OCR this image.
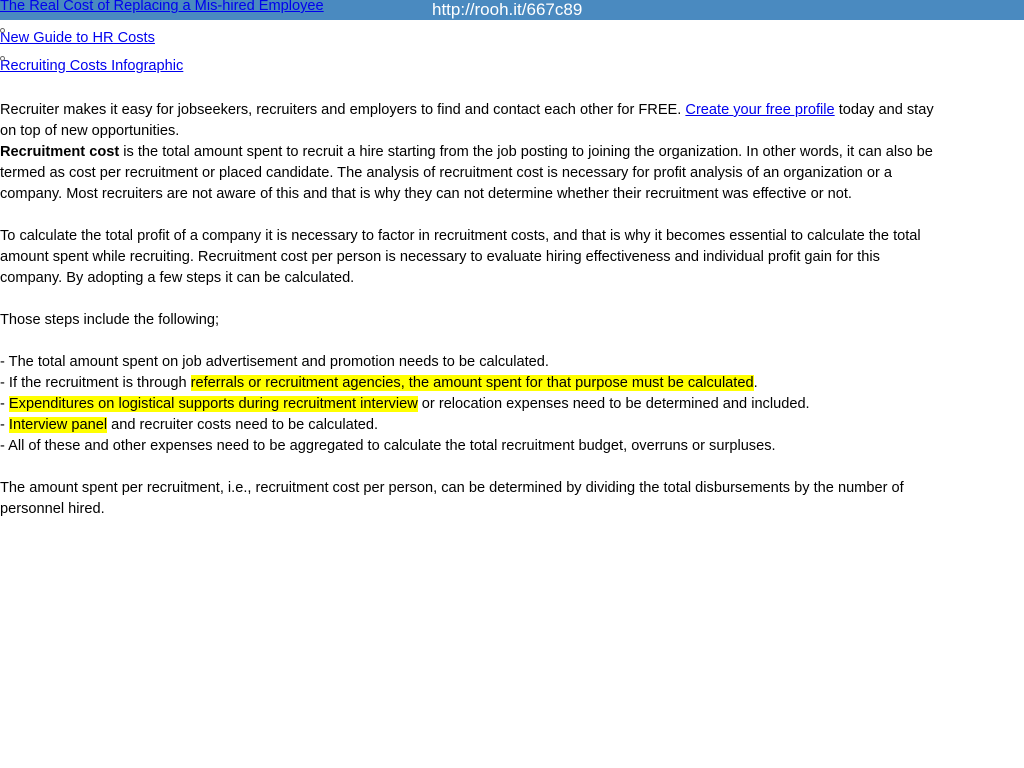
http://rooh.it/667c89
The Real Cost of Replacing a Mis-hired Employee
New Guide to HR Costs
Recruiting Costs Infographic

Recruiter makes it easy for jobseekers, recruiters and employers to find and contact each other for FREE. Create your free profile today and stay
on top of new opportunities.

Recruitment cost is the total amount spent to recruit a hire starting from the job posting to joining the organization. In other words, it can also be
termed as cost per recruitment or placed candidate. The analysis of recruitment cost is necessary for profit analysis of an organization or a
company. Most recruiters are not aware of this and that is why they can not determine whether their recruitment was effective or not.

To calculate the total profit of a company it is necessary to factor in recruitment costs, and that is why it becomes essential to calculate the total
amount spent while recruiting. Recruitment cost per person is necessary to evaluate hiring effectiveness and individual profit gain for this
company. By adopting a few steps it can be calculated.

Those steps include the following;

- The total amount spent on job advertisement and promotion needs to be calculated.
- If the recruitment is through referrals or recruitment agencies, the amount spent for that purpose must be calculated.
- Expenditures on logistical supports during recruitment interview or relocation expenses need to be determined and included.
- Interview panel and recruiter costs need to be calculated.
- All of these and other expenses need to be aggregated to calculate the total recruitment budget, overruns or surpluses.

The amount spent per recruitment, i.e., recruitment cost per person, can be determined by dividing the total disbursements by the number of
personnel hired.
